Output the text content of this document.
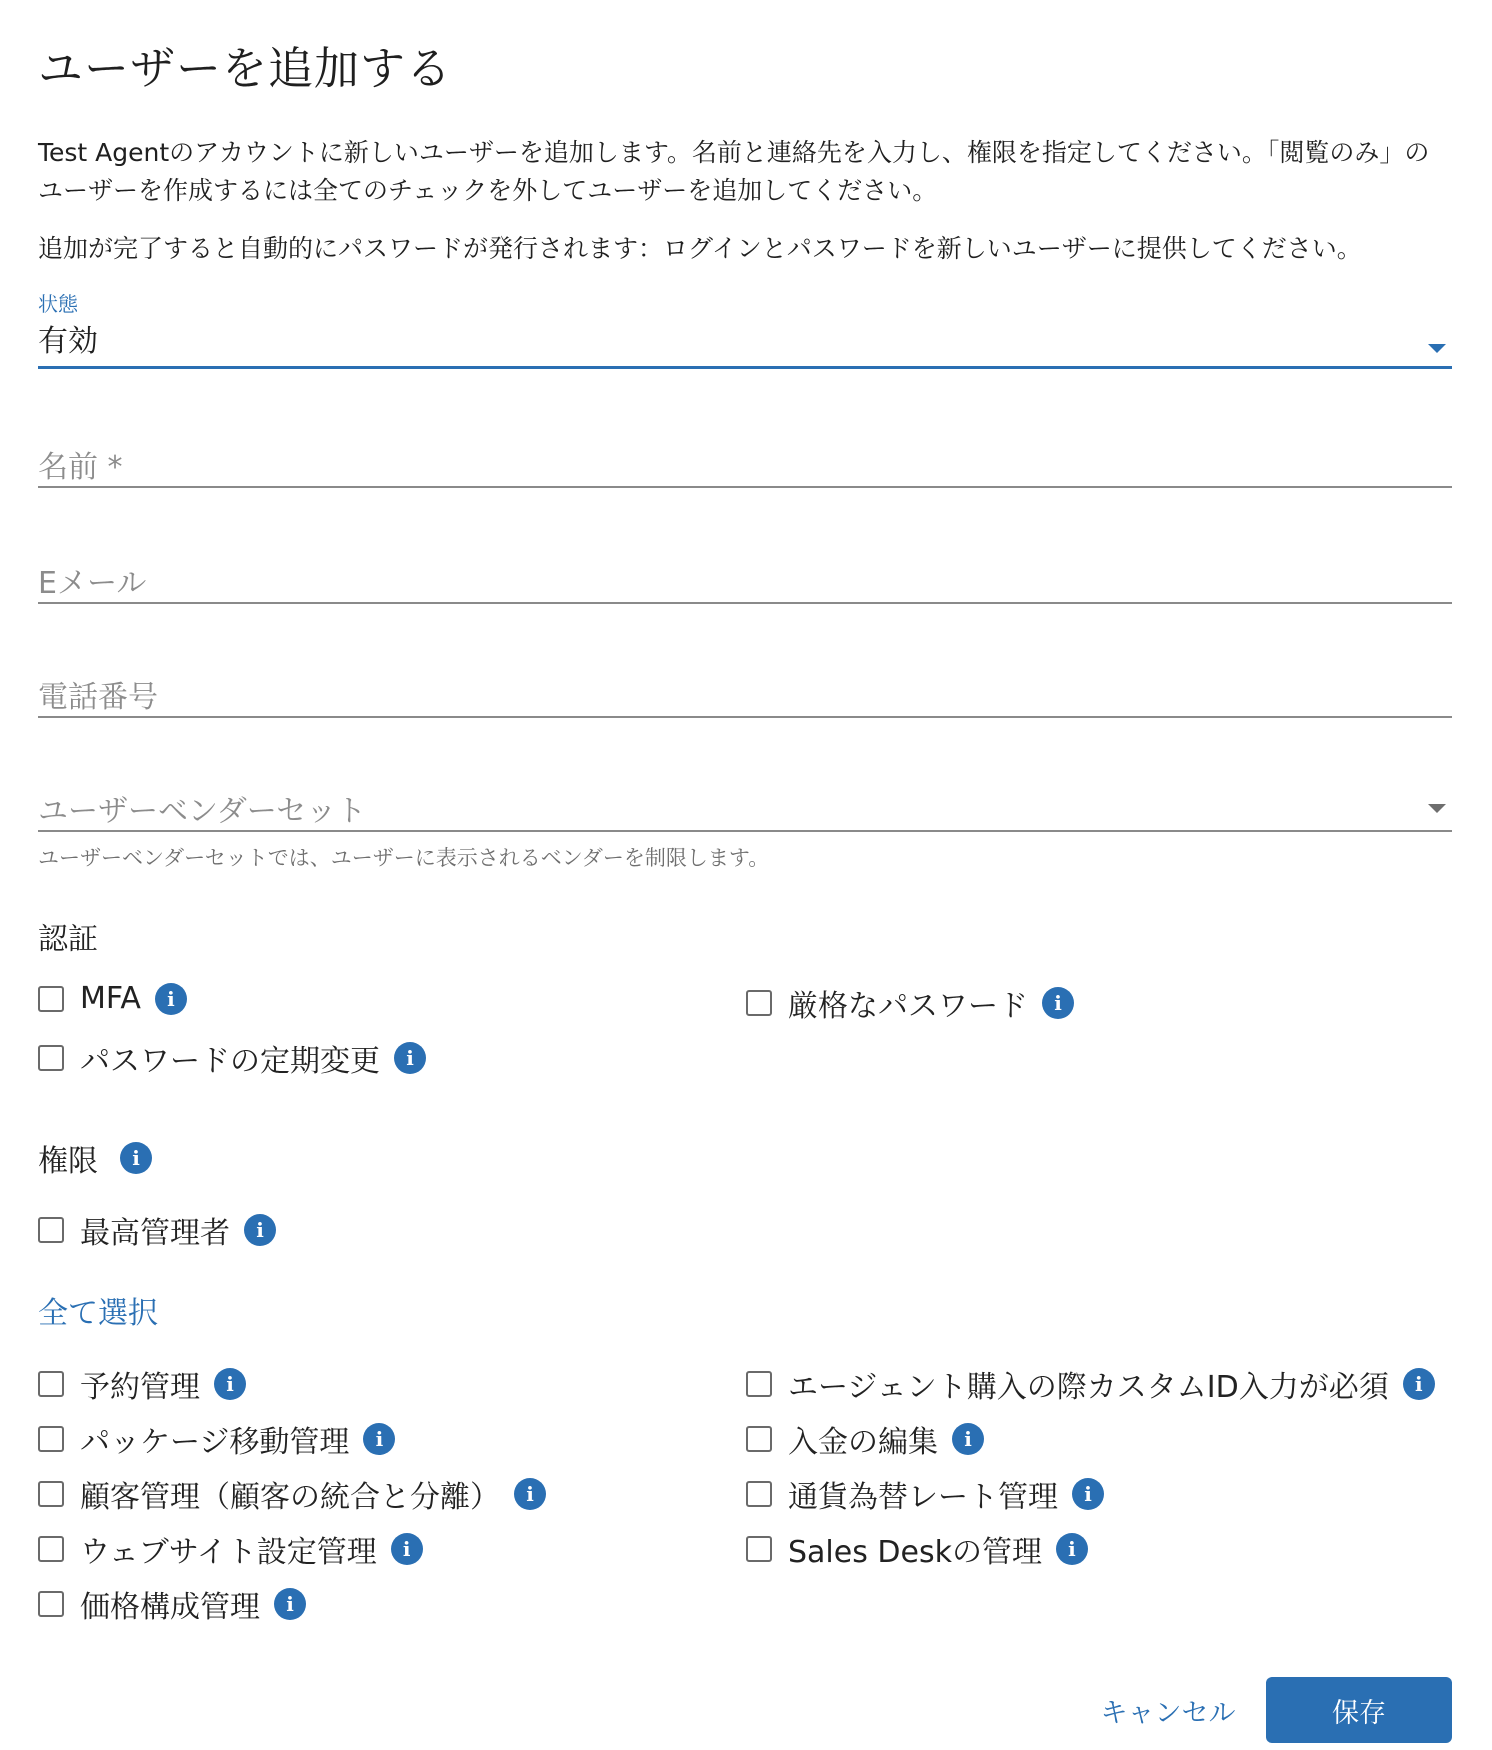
ユーザーを追加する
Test Agentのアカウントに新しいユーザーを追加します。名前と連絡先を入力し、権限を指定してください。「閲覧のみ」のユーザーを作成するには全てのチェックを外してユーザーを追加してください。
追加が完了すると自動的にパスワードが発行されます：ログインとパスワードを新しいユーザーに提供してください。
状態
有効
名前 *
Eメール
電話番号
ユーザーベンダーセット
ユーザーベンダーセットでは、ユーザーに表示されるベンダーを制限します。
認証
MFA	i	厳格なパスワード	i
パスワードの定期変更	i
権限	i
最高管理者	i
全て選択
予約管理	i
パッケージ移動管理	i
顧客管理（顧客の統合と分離）	i
ウェブサイト設定管理	i
価格構成管理	i
エージェント購入の際カスタムID入力が必須	i
入金の編集	i
通貨為替レート管理	i
Sales Deskの管理	i
キャンセル	保存
